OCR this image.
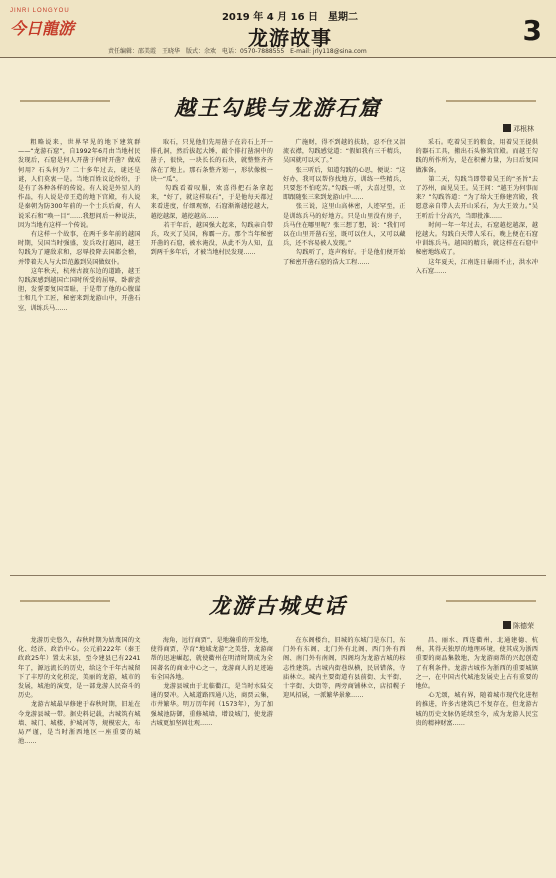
JINRI LONGYOU
今日龍游
2019 年 4 月 16 日　星期二
龙游故事	3
责任编辑：邵美霞　王晓华　版式：余欢　电话：0570-7888555　E-mail: jrly118@sina.com
越王勾践与龙游石窟
邓根林

粗略说来，世界罕见的地下建筑群——“龙游石窟”，自1992年6月由当地村民发现后，石窟是何人开凿于何时开凿？做成何用？石头何为？二十多年过去，谜还是谜，人们莫衷一是。当地百姓议论纷纷，于是有了各种各样的传说。有人说是外星人的作品，有人说是帝王造的地下宫殿，有人说是秦朝为防300年前的一个士兵后裔，有人说采石和“唤一目”……我想问后一种说法，因为当地有这样一个传说。
　　有这样一个故事，在两千多年前的越国时期，吴国当时强盛，发兵攻打越国，越王勾践为了避敌求和，忍辱投降去国都会稽，并带着夫人与大臣范蠡到吴国做奴仆。
　　这年秋天，杭州古渡东边的道路，越王勾践深感到越国亡国时所受的屈辱，卧薪尝胆，发誓要复国雪耻，于是带了他的心腹谋士和几个工匠，秘密来到龙游山中，开凿石室，训练兵马……

取石，只见他们先用凿子在岩石上开一排孔洞，然后拔起大锤，敲个排打凿洞中的凿子，很快，一块长长的石块，就整整齐齐落在了地上。那石条整齐划一，形状像极一块一“瓜”。
　　勾践看着叹服，欢喜得把石条拿起来，“好了，就这样取石”，于是他每天都过来看进度，仔细观察，石窟渐渐越挖越大，越挖越深，越挖越高……
　　若干年后，越国强大起来，勾践亲自带兵，攻灭了吴国，称霸一方。那个当年秘密开凿的石窟，被水淹没，从此不为人知，直到两千多年后，才被当地村民发现……

广施财，得不到越的扶助，忍不住又泪流衣襟，勾践感觉道：“假如我有三千精兵，吴国就可以灭了。”
　　张三听后，知道勾践的心思，便说：“这好办，我可以帮你找地方，训练一些精兵，只要您不怕吃苦。”勾践一听，大喜过望，立即跟随张三来到龙游山中……
　　张三说，这里山高林密，人迹罕至，正是训练兵马的好地方。只是山里没有房子，兵马住在哪里呢？张三想了想，说：“我们可以在山里开凿石室，既可以住人，又可以藏兵，还不容易被人发现。”
　　勾践听了，连声称好。于是他们便开始了秘密开凿石窟的浩大工程……

采石。吃着吴王的粮食，用着吴王提供的器石工具，搬出石头修筑宫殿。而越王勾践的所作所为，是在积蓄力量，为日后复国做准备。
　　第二天，勾践当即带着吴王的“圣旨”去了苏州，面见吴王。吴王问：“越王为何事而来？”勾践答道：“为了给大王修建宫殿，我愿意亲自带人去开山采石，为大王效力。”吴王听后十分高兴，当即批准……
　　时间一年一年过去，石窟越挖越深，越挖越大。勾践白天带人采石，晚上便在石窟中训练兵马。越国的精兵，就这样在石窟中秘密地练成了。
　　这年夏天，江南连日暴雨不止，洪水冲入石窟……

龙游古城史话
陈德荣

龙游历史悠久，春秋时期为姑蔑国的文化、经济、政治中心。公元前222年（秦王政政25年）置太末县，至今建县已有2241年了，源远流长的历史，给这个千年古城留下了丰厚的文化积淀，美丽的龙游，城市的发展，城池的演变，是一部龙游人民奋斗的历史。
　　龙游古城最早修建于春秋时期，旧址在今龙游县城一带。据史料记载，古城筑有城墙、城门、城楼、护城河等，规模宏大，布局严谨，是当时浙西地区一座重要的城池……

海角，远行商贾”，是地瀚重的开发地，使得商贾，孕育“地域龙游”之美誉，龙游商帮的迅速崛起，就使衢州在明清时期成为全国著名的商业中心之一，龙游商人的足迹遍布全国各地。
　　龙游县城由于北临衢江，是当时水陆交通的要冲。入城道路四通八达，商贾云集，市井繁华。明万历年间（1573年），为了加强城池防御，重修城墙，增设城门，使龙游古城更加坚固壮观……

在东阁楼台，旧城的东城门是东门，东门外有东阁、北门外有北阁、西门外有西阁、南门外有南阁，四阁均为龙游古城的标志性建筑。古城内街巷纵横，民居错落，寺庙林立。城内主要街道有县前街、太平街、十字街、大街等，两旁商铺林立，店招幌子迎风招展，一派繁华景象……

昌、丽水、西连衢州，北通建德、杭州，其得天独厚的地理环境，使其成为浙西重要的商品集散地，为龙游商帮的兴起创造了有利条件。龙游古城作为浙西的重要城镇之一，在中国古代城池发展史上占有重要的地位。
　　心无颂，城有界，随着城市现代化进程的推进，许多古建筑已不复存在，但龙游古城的历史文脉仍延续至今，成为龙游人民宝贵的精神财富……
